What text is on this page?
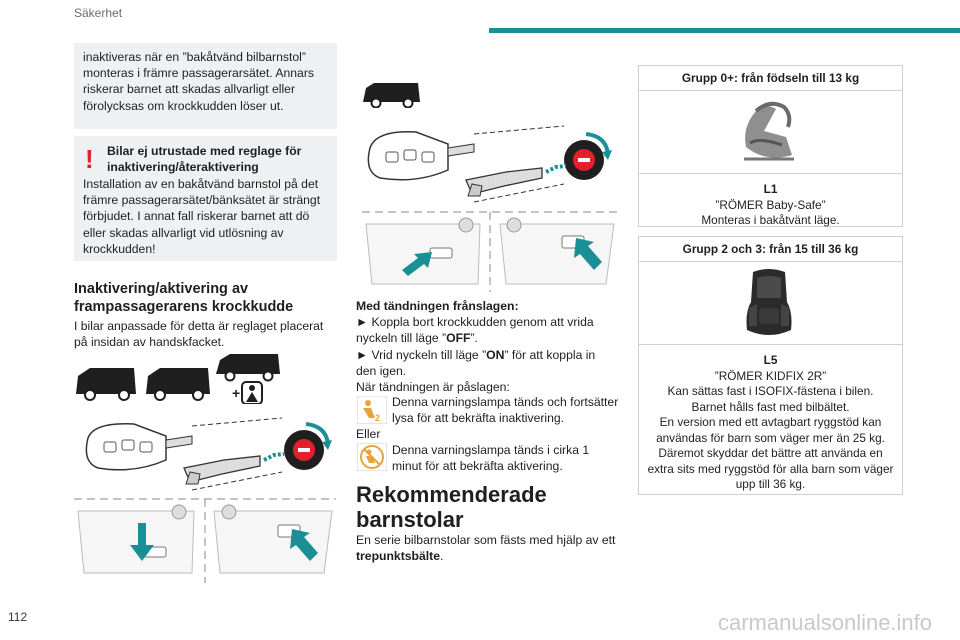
Säkerhet
inaktiveras när en ”bakåtvänd bilbarnstol” monteras i främre passagerarsätet. Annars riskerar barnet att skadas allvarligt eller förolycksas om krockkudden löser ut.
! Bilar ej utrustade med reglage för inaktivering/återaktivering
Installation av en bakåtvänd barnstol på det främre passagerarsätet/bänksätet är strängt förbjudet. I annat fall riskerar barnet att dö eller skadas allvarligt vid utlösning av krockkudden!
Inaktivering/aktivering av frampassagerarens krockkudde
I bilar anpassade för detta är reglaget placerat på insidan av handskfacket.
+
Med tändningen frånslagen:
► Koppla bort krockkudden genom att vrida nyckeln till läge ”OFF”.
► Vrid nyckeln till läge ”ON” för att koppla in den igen.
När tändningen är påslagen:
2
Denna varningslampa tänds och fortsätter lysa för att bekräfta inaktivering.
Eller
Denna varningslampa tänds i cirka 1 minut för att bekräfta aktivering.
Rekommenderade barnstolar
En serie bilbarnstolar som fästs med hjälp av ett trepunktsbälte.
Grupp 0+: från födseln till 13 kg
L1
”RÖMER Baby-Safe”
Monteras i bakåtvänt läge.
Grupp 2 och 3: från 15 till 36 kg
L5
”RÖMER KIDFIX 2R”
Kan sättas fast i ISOFIX-fästena i bilen.
Barnet hålls fast med bilbältet.
En version med ett avtagbart ryggstöd kan användas för barn som väger mer än 25 kg. Däremot skyddar det bättre att använda en extra sits med ryggstöd för alla barn som väger upp till 36 kg.
112	carmanualsonline.info
